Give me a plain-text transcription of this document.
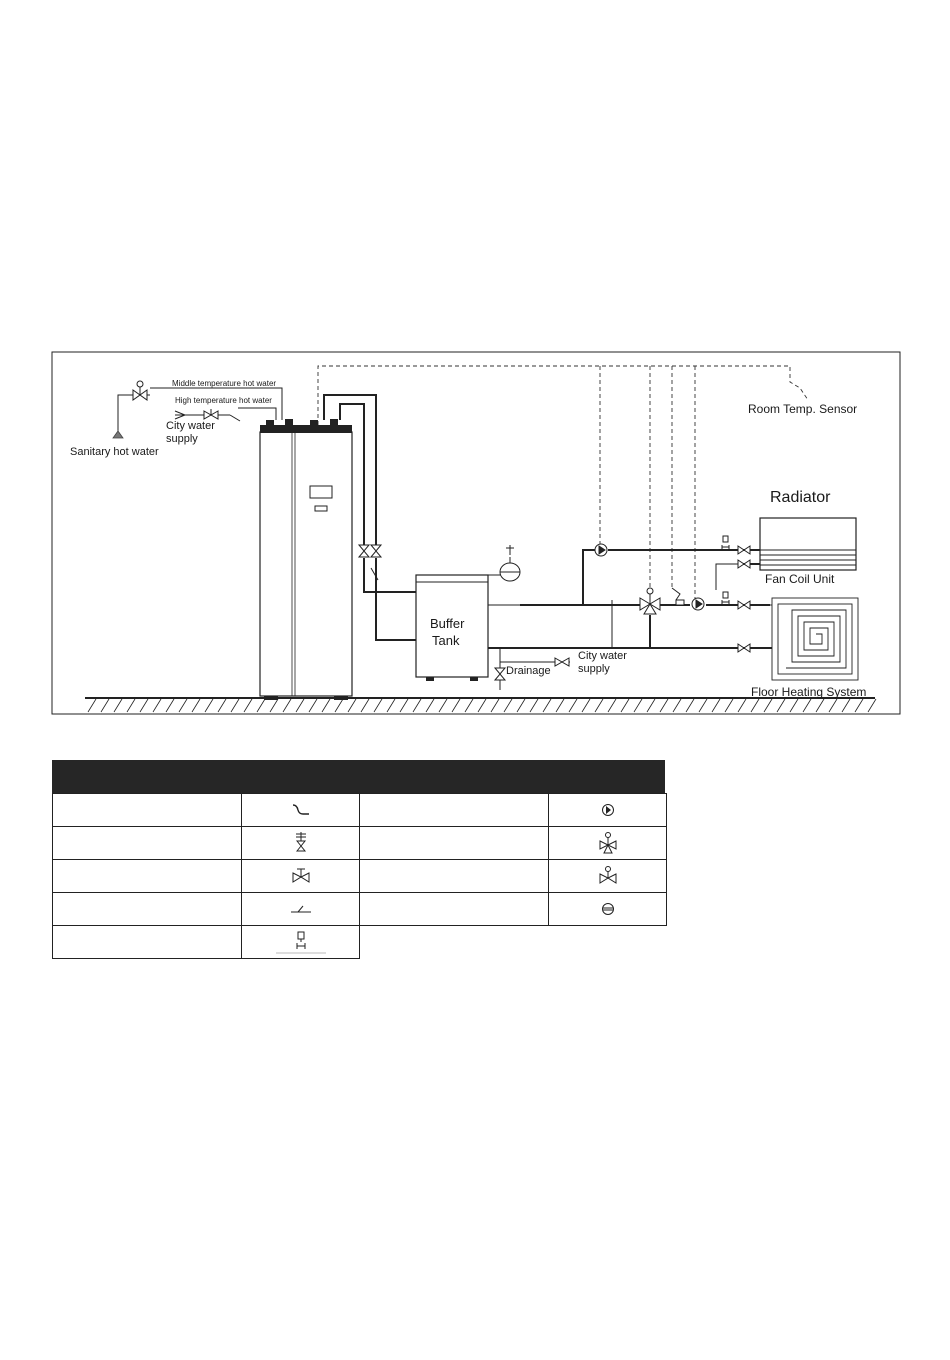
Buffer
Tank
Middle temperature hot water
High temperature hot water
City water
supply
Sanitary hot water
Room Temp. Sensor
Radiator
Fan Coil Unit
Drainage
City water
supply
Floor Heating System
